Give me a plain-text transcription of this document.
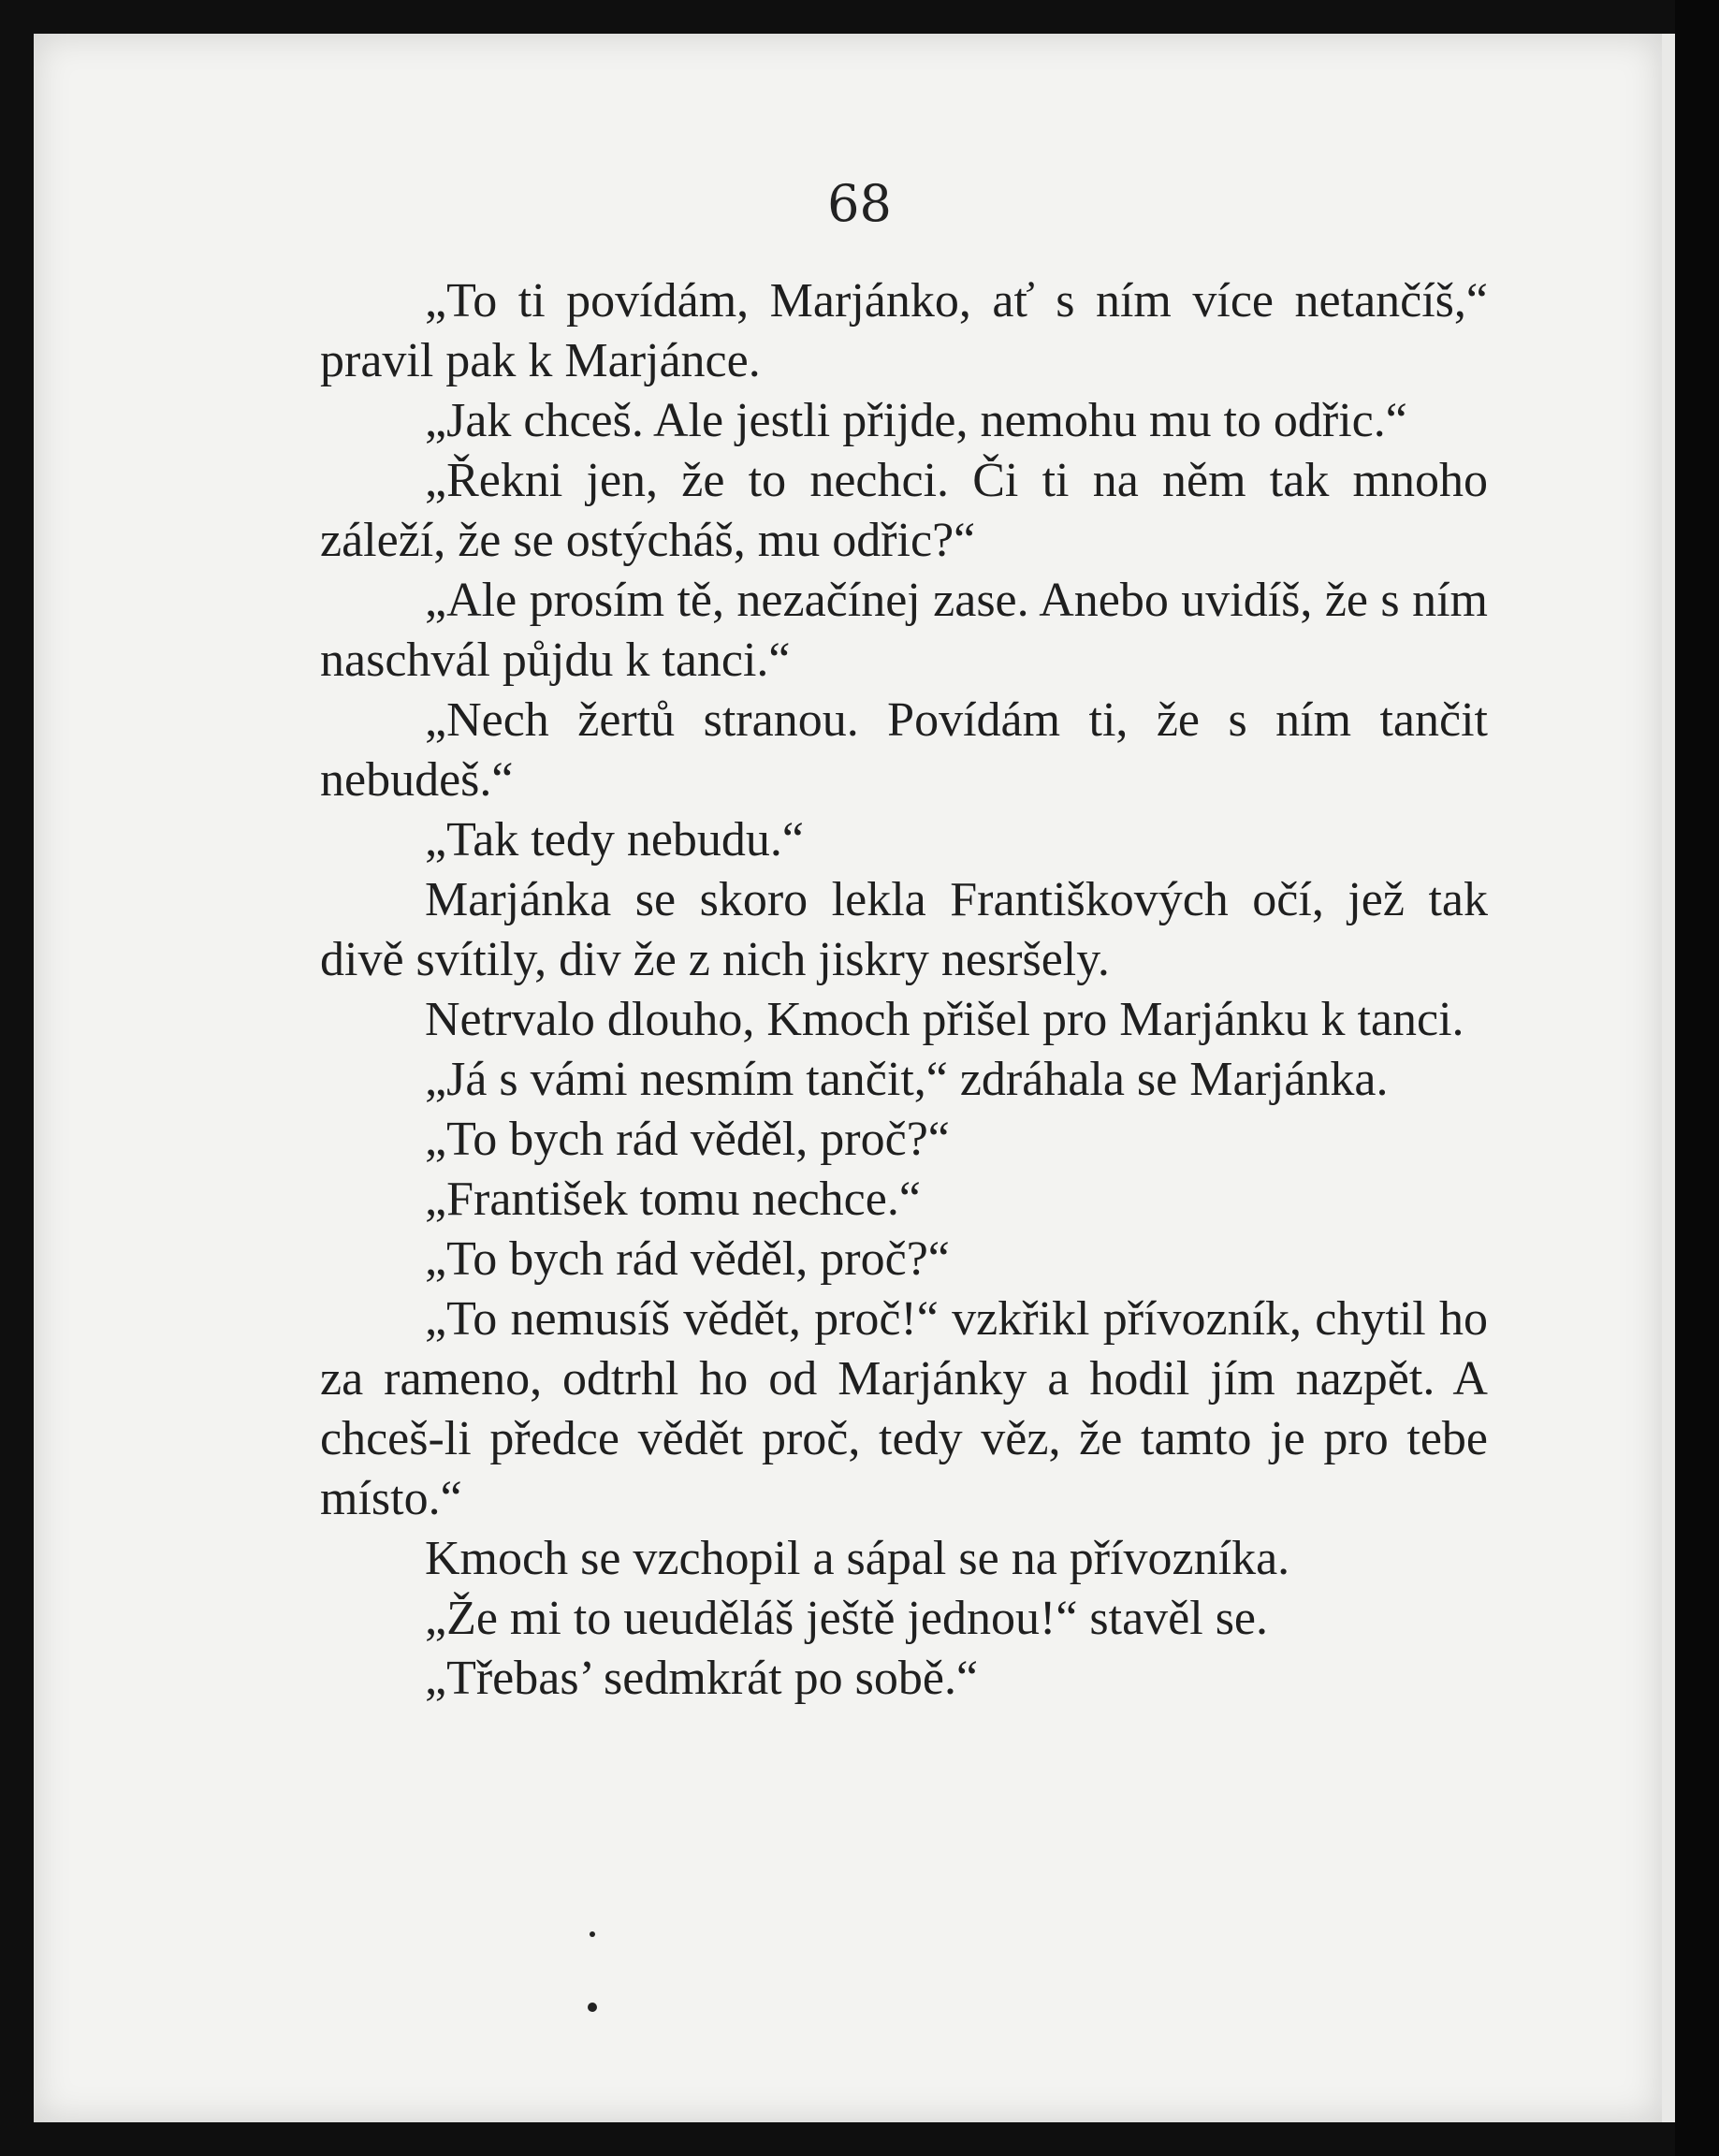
68

„To ti povídám, Marjánko, ať s ním více netančíš,“ pravil pak k Marjánce.

„Jak chceš. Ale jestli přijde, nemohu mu to odřic.“

„Řekni jen, že to nechci. Či ti na něm tak mnoho záleží, že se ostýcháš, mu odřic?“

„Ale prosím tě, nezačínej zase. Anebo uvidíš, že s ním naschvál půjdu k tanci.“

„Nech žertů stranou. Povídám ti, že s ním tančit nebudeš.“

„Tak tedy nebudu.“

Marjánka se skoro lekla Františkových očí, jež tak divě svítily, div že z nich jiskry nesršely.

Netrvalo dlouho, Kmoch přišel pro Marjánku k tanci.

„Já s vámi nesmím tančit,“ zdráhala se Marjánka.

„To bych rád věděl, proč?“

„František tomu nechce.“

„To bych rád věděl, proč?“

„To nemusíš vědět, proč!“ vzkřikl přívozník, chytil ho za rameno, odtrhl ho od Marjánky a hodil jím nazpět. A chceš-li předce vědět proč, tedy věz, že tamto je pro tebe místo.“

Kmoch se vzchopil a sápal se na přívozníka.

„Že mi to ueuděláš ještě jednou!“ stavěl se.

„Třebas’ sedmkrát po sobě.“
